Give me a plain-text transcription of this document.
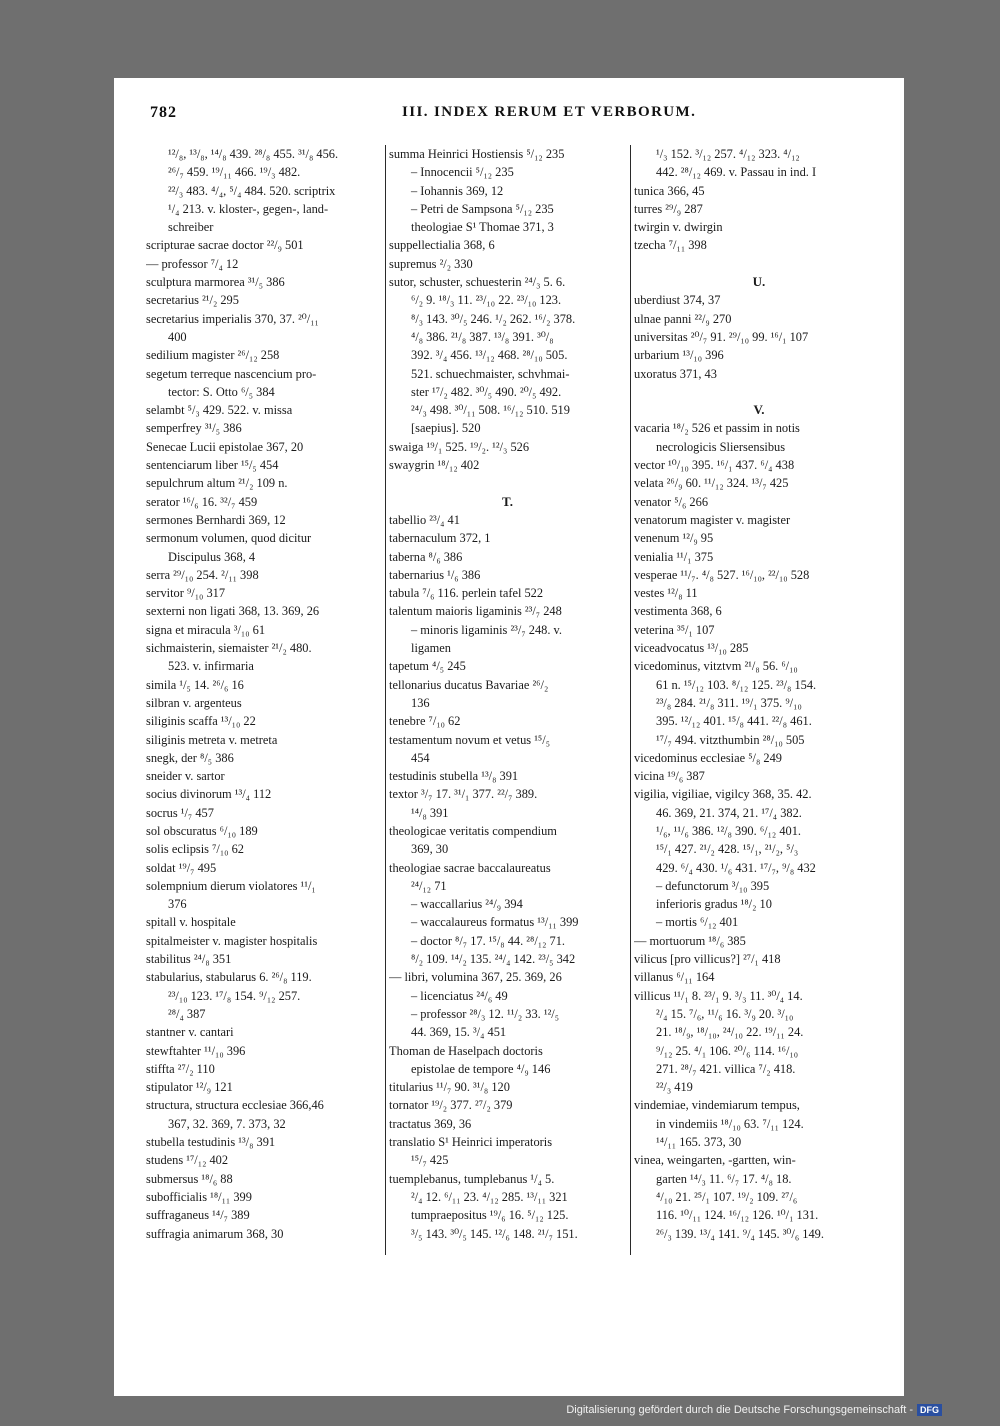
782	III. INDEX RERUM ET VERBORUM.
¹²/₈, ¹³/₈, ¹⁴/₈ 439. ²⁸/₈ 455. ³¹/₈ 456.
²⁶/₇ 459. ¹⁹/₁₁ 466. ¹⁹/₃ 482.
²²/₃ 483. ⁴/₄, ⁵/₄ 484. 520. scriptrix
¹/₄ 213. v. kloster-, gegen-, land-
schreiber
scripturae sacrae doctor ²²/₉ 501
— professor ⁷/₄ 12
sculptura marmorea ³¹/₅ 386
secretarius ²¹/₂ 295
secretarius imperialis 370, 37. ²⁰/₁₁
400
sedilium magister ²⁶/₁₂ 258
segetum terreque nascencium pro-
tector: S. Otto ⁶/₅ 384
selambt ⁵/₃ 429. 522. v. missa
semperfrey ³¹/₅ 386
Senecae Lucii epistolae 367, 20
sentenciarum liber ¹⁵/₅ 454
sepulchrum altum ²¹/₂ 109 n.
serator ¹⁶/₆ 16. ³²/₇ 459
sermones Bernhardi 369, 12
sermonum volumen, quod dicitur
Discipulus 368, 4
serra ²⁹/₁₀ 254. ²/₁₁ 398
servitor ⁹/₁₀ 317
sexterni non ligati 368, 13. 369, 26
signa et miracula ³/₁₀ 61
sichmaisterin, siemaister ²¹/₂ 480.
523. v. infirmaria
simila ¹/₅ 14. ²⁶/₆ 16
silbran v. argenteus
siliginis scaffa ¹³/₁₀ 22
siliginis metreta v. metreta
snegk, der ⁸/₅ 386
sneider v. sartor
socius divinorum ¹³/₄ 112
socrus ¹/₇ 457
sol obscuratus ⁶/₁₀ 189
solis eclipsis ⁷/₁₀ 62
soldat ¹⁹/₇ 495
solempnium dierum violatores ¹¹/₁
376
spitall v. hospitale
spitalmeister v. magister hospitalis
stabilitus ²⁴/₈ 351
stabularius, stabularus 6. ²⁶/₈ 119.
²³/₁₀ 123. ¹⁷/₈ 154. ⁹/₁₂ 257.
²⁸/₄ 387
stantner v. cantari
stewftahter ¹¹/₁₀ 396
stiffta ²⁷/₂ 110
stipulator ¹²/₉ 121
structura, structura ecclesiae 366,46
367, 32. 369, 7. 373, 32
stubella testudinis ¹³/₈ 391
studens ¹⁷/₁₂ 402
submersus ¹⁸/₆ 88
subofficialis ¹⁸/₁₁ 399
suffraganeus ¹⁴/₇ 389
suffragia animarum 368, 30
summa Heinrici Hostiensis ⁵/₁₂ 235
– Innocencii ⁵/₁₂ 235
– Iohannis 369, 12
– Petri de Sampsona ⁵/₁₂ 235
theologiae S¹ Thomae 371, 3
suppellectialia 368, 6
supremus ²/₂ 330
sutor, schuster, schuesterin ²⁴/₃ 5. 6.
⁶/₂ 9. ¹⁸/₃ 11. ²³/₁₀ 22. ²³/₁₀ 123.
⁸/₃ 143. ³⁰/₅ 246. ¹/₂ 262. ¹⁶/₂ 378.
⁴/₈ 386. ²¹/₈ 387. ¹³/₈ 391. ³⁰/₈
392. ³/₄ 456. ¹³/₁₂ 468. ²⁸/₁₀ 505.
521. schuechmaister, schvhmai-
ster ¹⁷/₂ 482. ³⁰/₅ 490. ²⁰/₅ 492.
²⁴/₃ 498. ³⁰/₁₁ 508. ¹⁶/₁₂ 510. 519
[saepius]. 520
swaiga ¹⁹/₁ 525. ¹⁹/₂. ¹²/₃ 526
swaygrin ¹⁸/₁₂ 402
T.
tabellio ²³/₄ 41
tabernaculum 372, 1
taberna ⁸/₆ 386
tabernarius ¹/₆ 386
tabula ⁷/₆ 116. perlein tafel 522
talentum maioris ligaminis ²³/₇ 248
– minoris ligaminis ²³/₇ 248. v.
ligamen
tapetum ⁴/₅ 245
tellonarius ducatus Bavariae ²⁶/₂
136
tenebre ⁷/₁₀ 62
testamentum novum et vetus ¹⁵/₅
454
testudinis stubella ¹³/₈ 391
textor ³/₇ 17. ³¹/₁ 377. ²²/₇ 389.
¹⁴/₈ 391
theologicae veritatis compendium
369, 30
theologiae sacrae baccalaureatus
²⁴/₁₂ 71
– waccallarius ²⁴/₉ 394
– waccalaureus formatus ¹³/₁₁ 399
– doctor ⁸/₇ 17. ¹⁵/₈ 44. ²⁸/₁₂ 71.
⁸/₂ 109. ¹⁴/₂ 135. ²⁴/₄ 142. ²³/₅ 342
— libri, volumina 367, 25. 369, 26
– licenciatus ²⁴/₆ 49
– professor ²⁸/₃ 12. ¹¹/₂ 33. ¹²/₅
44. 369, 15. ³/₄ 451
Thoman de Haselpach doctoris
epistolae de tempore ⁴/₉ 146
titularius ¹¹/₇ 90. ³¹/₈ 120
tornator ¹⁹/₂ 377. ²⁷/₂ 379
tractatus 369, 36
translatio S¹ Heinrici imperatoris
¹⁵/₇ 425
tuemplebanus, tumplebanus ¹/₄ 5.
²/₄ 12. ⁶/₁₁ 23. ⁴/₁₂ 285. ¹³/₁₁ 321
tumpraepositus ¹⁹/₆ 16. ⁵/₁₂ 125.
³/₅ 143. ³⁰/₅ 145. ¹²/₆ 148. ²¹/₇ 151.
¹/₃ 152. ³/₁₂ 257. ⁴/₁₂ 323. ⁴/₁₂
442. ²⁸/₁₂ 469. v. Passau in ind. I
tunica 366, 45
turres ²⁹/₉ 287
twirgin v. dwirgin
tzecha ⁷/₁₁ 398
U.
uberdiust 374, 37
ulnae panni ²²/₉ 270
universitas ²⁰/₇ 91. ²⁹/₁₀ 99. ¹⁶/₁ 107
urbarium ¹³/₁₀ 396
uxoratus 371, 43
V.
vacaria ¹⁸/₂ 526 et passim in notis
necrologicis Sliersensibus
vector ¹⁰/₁₀ 395. ¹⁶/₁ 437. ⁶/₄ 438
velata ²⁶/₉ 60. ¹¹/₁₂ 324. ¹³/₇ 425
venator ⁵/₆ 266
venatorum magister v. magister
venenum ¹²/₉ 95
venialia ¹¹/₁ 375
vesperae ¹¹/₇. ⁴/₈ 527. ¹⁶/₁₀, ²²/₁₀ 528
vestes ¹²/₈ 11
vestimenta 368, 6
veterina ³⁵/₁ 107
viceadvocatus ¹³/₁₀ 285
vicedominus, vitztvm ²¹/₈ 56. ⁶/₁₀
61 n. ¹⁵/₁₂ 103. ⁸/₁₂ 125. ²³/₈ 154.
²³/₈ 284. ²¹/₈ 311. ¹⁹/₁ 375. ⁹/₁₀
395. ¹²/₁₂ 401. ¹⁵/₈ 441. ²²/₈ 461.
¹⁷/₇ 494. vitzthumbin ²⁸/₁₀ 505
vicedominus ecclesiae ⁵/₈ 249
vicina ¹⁹/₆ 387
vigilia, vigiliae, vigilcy 368, 35. 42.
46. 369, 21. 374, 21. ¹⁷/₄ 382.
¹/₆, ¹¹/₆ 386. ¹²/₈ 390. ⁶/₁₂ 401.
¹⁵/₁ 427. ²¹/₂ 428. ¹⁵/₁, ²¹/₂, ⁵/₃
429. ⁶/₄ 430. ¹/₆ 431. ¹⁷/₇, ⁹/₈ 432
– defunctorum ³/₁₀ 395
inferioris gradus ¹⁸/₂ 10
– mortis ⁶/₁₂ 401
— mortuorum ¹⁸/₆ 385
vilicus [pro villicus?] ²⁷/₁ 418
villanus ⁶/₁₁ 164
villicus ¹¹/₁ 8. ²³/₁ 9. ³/₃ 11. ³⁰/₄ 14.
²/₄ 15. ⁷/₆, ¹¹/₆ 16. ³/₉ 20. ³/₁₀
21. ¹⁸/₉, ¹⁸/₁₀, ²⁴/₁₀ 22. ¹⁹/₁₁ 24.
⁹/₁₂ 25. ⁴/₁ 106. ²⁰/₆ 114. ¹⁶/₁₀
271. ²⁸/₇ 421. villica ⁷/₂ 418.
²²/₃ 419
vindemiae, vindemiarum tempus,
in vindemiis ¹⁸/₁₀ 63. ⁷/₁₁ 124.
¹⁴/₁₁ 165. 373, 30
vinea, weingarten, -gartten, win-
garten ¹⁴/₃ 11. ⁶/₇ 17. ⁴/₈ 18.
⁴/₁₀ 21. ²⁵/₁ 107. ¹⁹/₂ 109. ²⁷/₆
116. ¹⁰/₁₁ 124. ¹⁶/₁₂ 126. ¹⁰/₁ 131.
²⁶/₃ 139. ¹³/₄ 141. ⁹/₄ 145. ³⁰/₆ 149.
Digitalisierung gefördert durch die Deutsche Forschungsgemeinschaft - DFG
